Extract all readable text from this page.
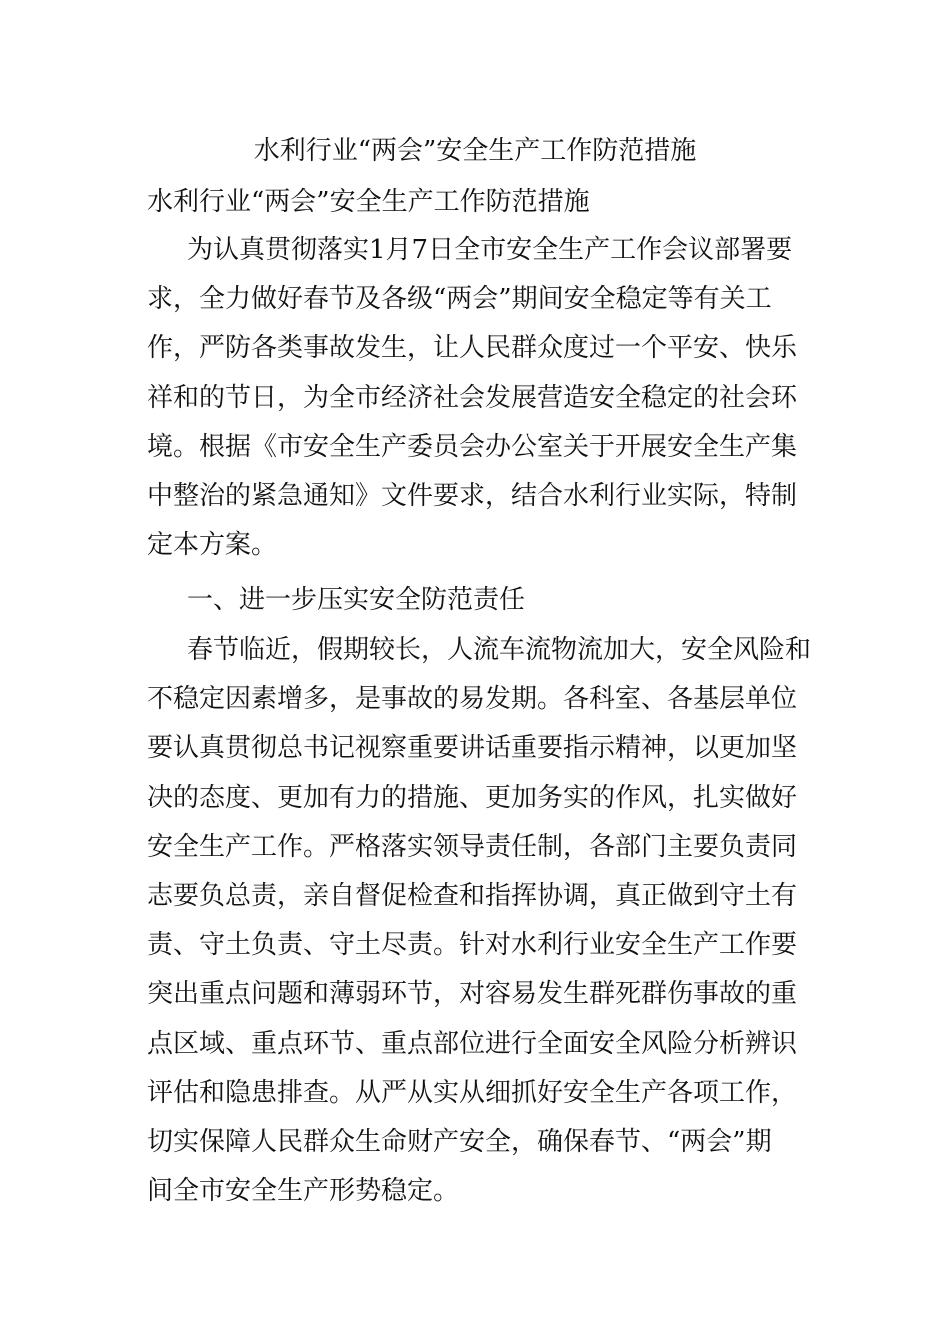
水利行业“两会”安全生产工作防范措施
水利行业“两会”安全生产工作防范措施
为认真贯彻落实1月7日全市安全生产工作会议部署要
求，全力做好春节及各级“两会”期间安全稳定等有关工
作，严防各类事故发生，让人民群众度过一个平安、快乐
祥和的节日，为全市经济社会发展营造安全稳定的社会环
境。根据《市安全生产委员会办公室关于开展安全生产集
中整治的紧急通知》文件要求，结合水利行业实际，特制
定本方案。
一、进一步压实安全防范责任
春节临近，假期较长，人流车流物流加大，安全风险和
不稳定因素增多，是事故的易发期。各科室、各基层单位
要认真贯彻总书记视察重要讲话重要指示精神，以更加坚
决的态度、更加有力的措施、更加务实的作风，扎实做好
安全生产工作。严格落实领导责任制，各部门主要负责同
志要负总责，亲自督促检查和指挥协调，真正做到守土有
责、守土负责、守土尽责。针对水利行业安全生产工作要
突出重点问题和薄弱环节，对容易发生群死群伤事故的重
点区域、重点环节、重点部位进行全面安全风险分析辨识
评估和隐患排查。从严从实从细抓好安全生产各项工作，
切实保障人民群众生命财产安全，确保春节、“两会”期
间全市安全生产形势稳定。
